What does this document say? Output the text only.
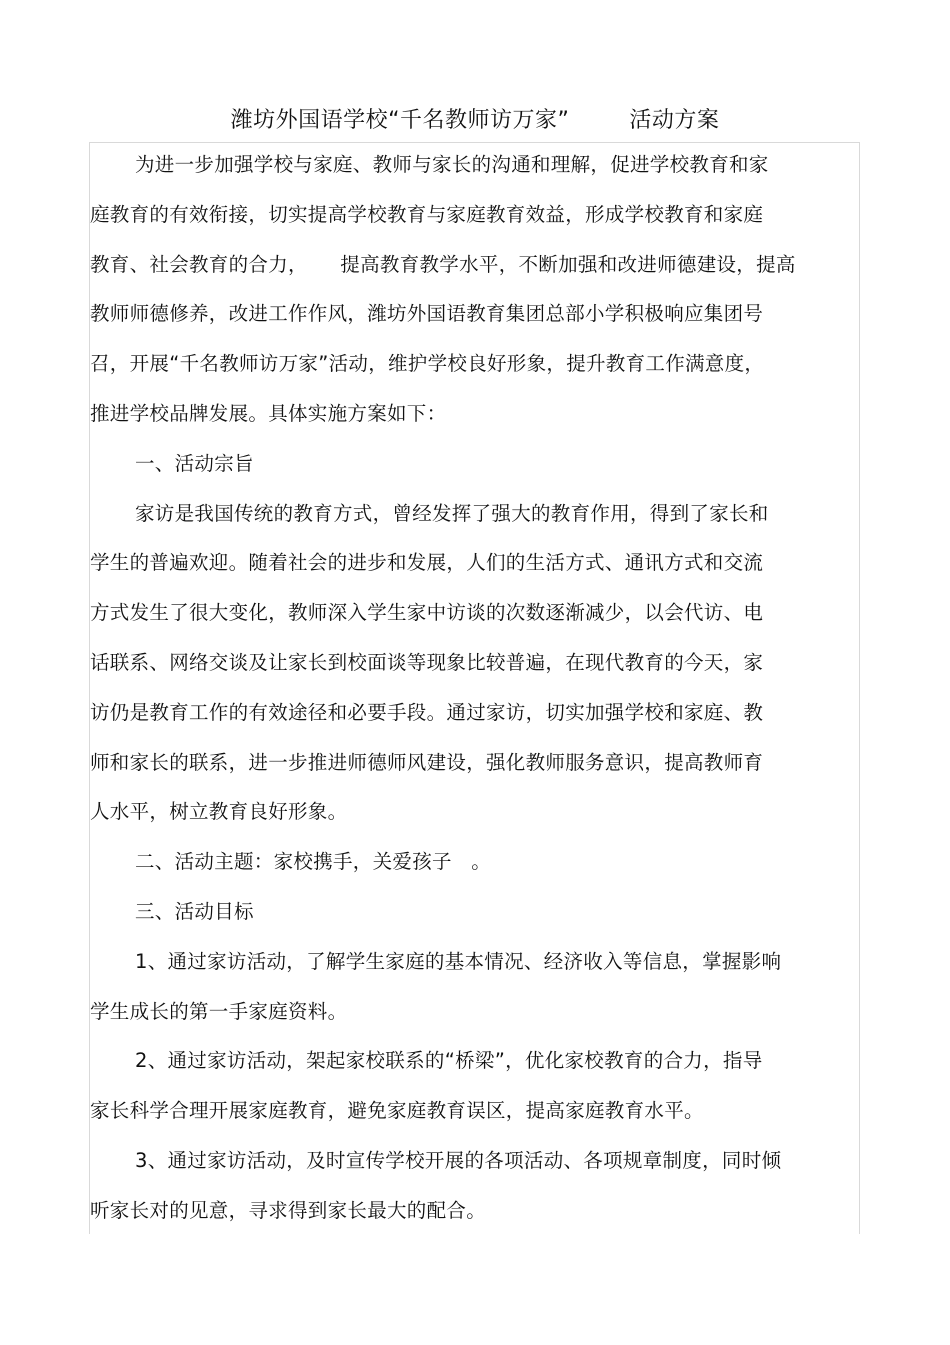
潍坊外国语学校“千名教师访万家”        活动方案
为进一步加强学校与家庭、教师与家长的沟通和理解，促进学校教育和家
庭教育的有效衔接，切实提高学校教育与家庭教育效益，形成学校教育和家庭
教育、社会教育的合力，     提高教育教学水平，不断加强和改进师德建设，提高
教师师德修养，改进工作作风，潍坊外国语教育集团总部小学积极响应集团号
召，开展“千名教师访万家”活动，维护学校良好形象，提升教育工作满意度，
推进学校品牌发展。具体实施方案如下：
一、活动宗旨
家访是我国传统的教育方式，曾经发挥了强大的教育作用，得到了家长和
学生的普遍欢迎。随着社会的进步和发展，人们的生活方式、通讯方式和交流
方式发生了很大变化，教师深入学生家中访谈的次数逐渐减少，以会代访、电
话联系、网络交谈及让家长到校面谈等现象比较普遍，在现代教育的今天，家
访仍是教育工作的有效途径和必要手段。通过家访，切实加强学校和家庭、教
师和家长的联系，进一步推进师德师风建设，强化教师服务意识，提高教师育
人水平，树立教育良好形象。
二、活动主题：家校携手，关爱孩子   。
三、活动目标
1、通过家访活动，了解学生家庭的基本情况、经济收入等信息，掌握影响
学生成长的第一手家庭资料。
2、通过家访活动，架起家校联系的“桥梁”，优化家校教育的合力，指导
家长科学合理开展家庭教育，避免家庭教育误区，提高家庭教育水平。
3、通过家访活动，及时宣传学校开展的各项活动、各项规章制度，同时倾
听家长对的见意，寻求得到家长最大的配合。
